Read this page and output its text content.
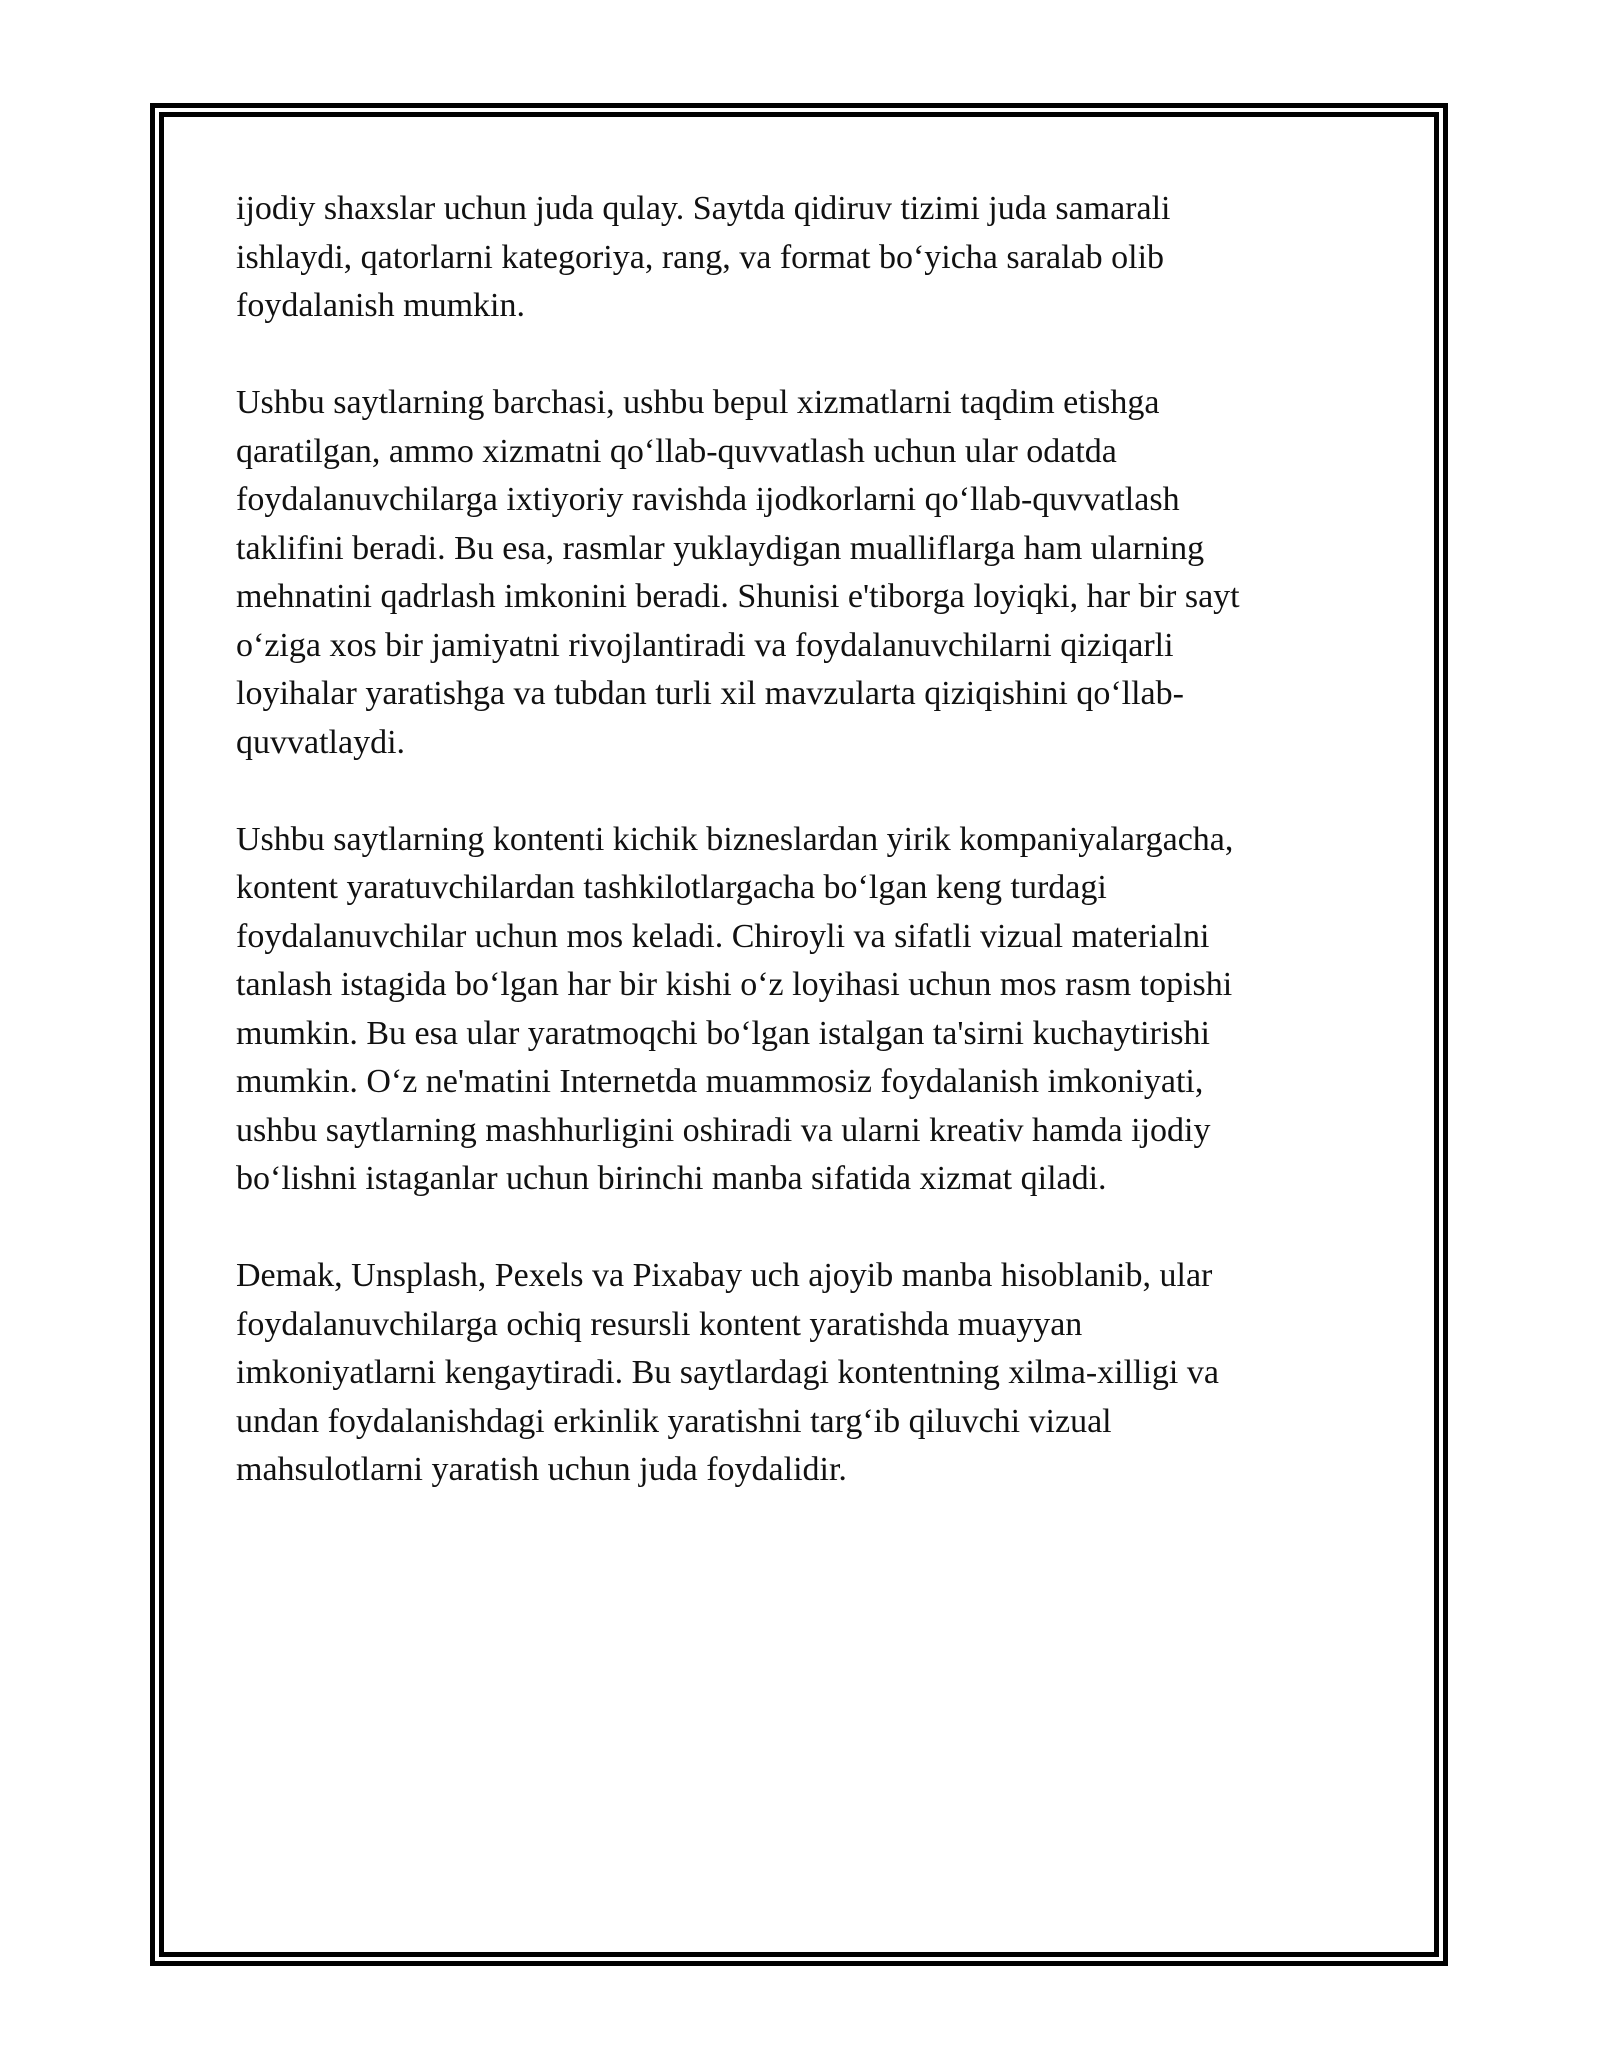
ijodiy shaxslar uchun juda qulay. Saytda qidiruv tizimi juda samarali
ishlaydi, qatorlarni kategoriya, rang, va format bo‘yicha saralab olib
foydalanish mumkin.

Ushbu saytlarning barchasi, ushbu bepul xizmatlarni taqdim etishga
qaratilgan, ammo xizmatni qo‘llab-quvvatlash uchun ular odatda
foydalanuvchilarga ixtiyoriy ravishda ijodkorlarni qo‘llab-quvvatlash
taklifini beradi. Bu esa, rasmlar yuklaydigan mualliflarga ham ularning
mehnatini qadrlash imkonini beradi. Shunisi e'tiborga loyiqki, har bir sayt
o‘ziga xos bir jamiyatni rivojlantiradi va foydalanuvchilarni qiziqarli
loyihalar yaratishga va tubdan turli xil mavzularta qiziqishini qo‘llab-
quvvatlaydi.

Ushbu saytlarning kontenti kichik bizneslardan yirik kompaniyalargacha,
kontent yaratuvchilardan tashkilotlargacha bo‘lgan keng turdagi
foydalanuvchilar uchun mos keladi. Chiroyli va sifatli vizual materialni
tanlash istagida bo‘lgan har bir kishi o‘z loyihasi uchun mos rasm topishi
mumkin. Bu esa ular yaratmoqchi bo‘lgan istalgan ta'sirni kuchaytirishi
mumkin. O‘z ne'matini Internetda muammosiz foydalanish imkoniyati,
ushbu saytlarning mashhurligini oshiradi va ularni kreativ hamda ijodiy
bo‘lishni istaganlar uchun birinchi manba sifatida xizmat qiladi.

Demak, Unsplash, Pexels va Pixabay uch ajoyib manba hisoblanib, ular
foydalanuvchilarga ochiq resursli kontent yaratishda muayyan
imkoniyatlarni kengaytiradi. Bu saytlardagi kontentning xilma-xilligi va
undan foydalanishdagi erkinlik yaratishni targ‘ib qiluvchi vizual
mahsulotlarni yaratish uchun juda foydalidir.
